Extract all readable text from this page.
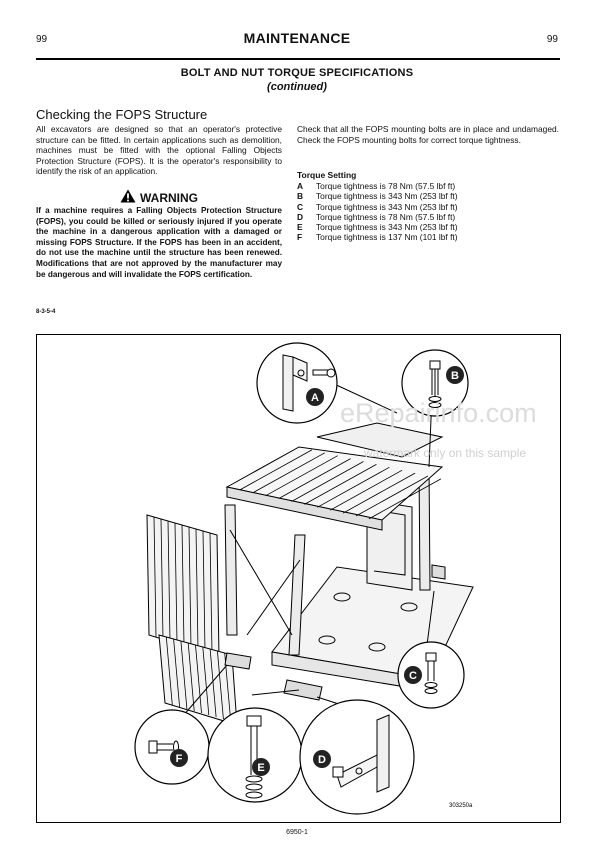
99	MAINTENANCE	99
BOLT AND NUT TORQUE SPECIFICATIONS
(continued)
Checking the FOPS Structure
All excavators are designed so that an operator's protective structure can be fitted. In certain applications such as demolition, machines must be fitted with the optional Falling Objects Protection Structure (FOPS). It is the operator's responsibility to identify the risk of an application.
WARNING
If a machine requires a Falling Objects Protection Structure (FOPS), you could be killed or seriously injured if you operate the machine in a dangerous application with a damaged or missing FOPS Structure. If the FOPS has been in an accident, do not use the machine until the structure has been renewed. Modifications that are not approved by the manufacturer may be dangerous and will invalidate the FOPS certification.
8-3-5-4
Check that all the FOPS mounting bolts are in place and undamaged. Check the FOPS mounting bolts for correct torque tightness.
Torque Setting
A	Torque tightness is 78 Nm (57.5 lbf ft)
B	Torque tightness is 343 Nm (253 lbf ft)
C	Torque tightness is 343 Nm (253 lbf ft)
D	Torque tightness is 78 Nm (57.5 lbf ft)
E	Torque tightness is 343 Nm (253 lbf ft)
F	Torque tightness is 137 Nm (101 lbf ft)
A
B
C
F
E
D
303250a
eRepairinfo.com
watermark only on this sample
6950-1
